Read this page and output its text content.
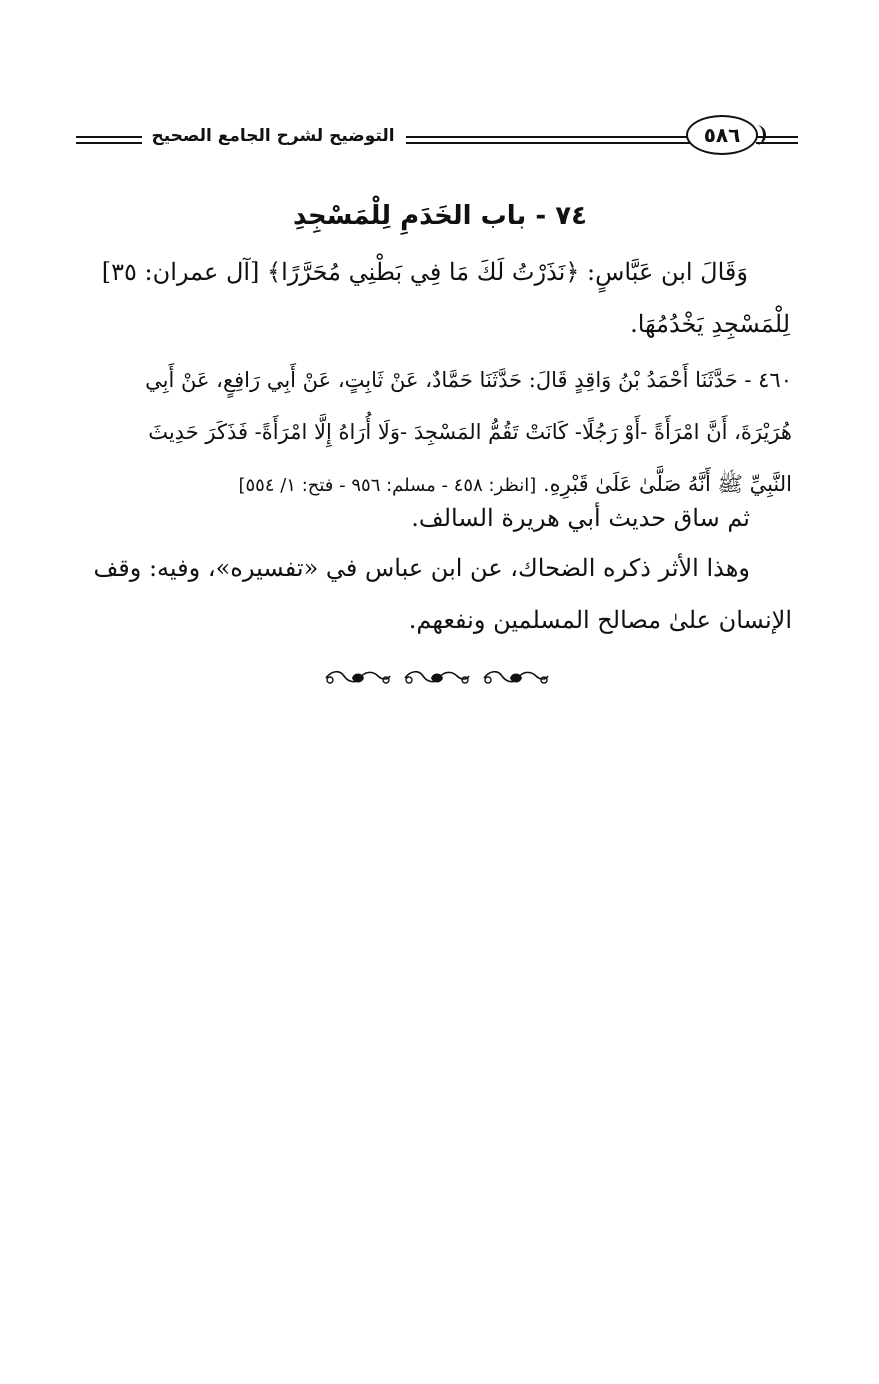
التوضيح لشرح الجامع الصحيح	٥٨٦
٧٤ - باب الخَدَمِ لِلْمَسْجِدِ
وَقَالَ ابن عَبَّاسٍ: ﴿نَذَرْتُ لَكَ مَا فِي بَطْنِي مُحَرَّرًا﴾ [آل عمران: ٣٥]
لِلْمَسْجِدِ يَخْدُمُهَا.
٤٦٠ - حَدَّثَنَا أَحْمَدُ بْنُ وَاقِدٍ قَالَ: حَدَّثَنَا حَمَّادٌ، عَنْ ثَابِتٍ، عَنْ أَبِي رَافِعٍ، عَنْ أَبِي
هُرَيْرَةَ، أَنَّ امْرَأَةً -أَوْ رَجُلًا- كَانَتْ تَقُمُّ المَسْجِدَ -وَلَا أُرَاهُ إِلَّا امْرَأَةً- فَذَكَرَ حَدِيثَ
النَّبِيِّ ﷺ أَنَّهُ صَلَّىٰ عَلَىٰ قَبْرِهِ. [انظر: ٤٥٨ - مسلم: ٩٥٦ - فتح: ١/ ٥٥٤]
ثم ساق حديث أبي هريرة السالف.
وهذا الأثر ذكره الضحاك، عن ابن عباس في «تفسيره»، وفيه: وقف
الإنسان علىٰ مصالح المسلمين ونفعهم.
